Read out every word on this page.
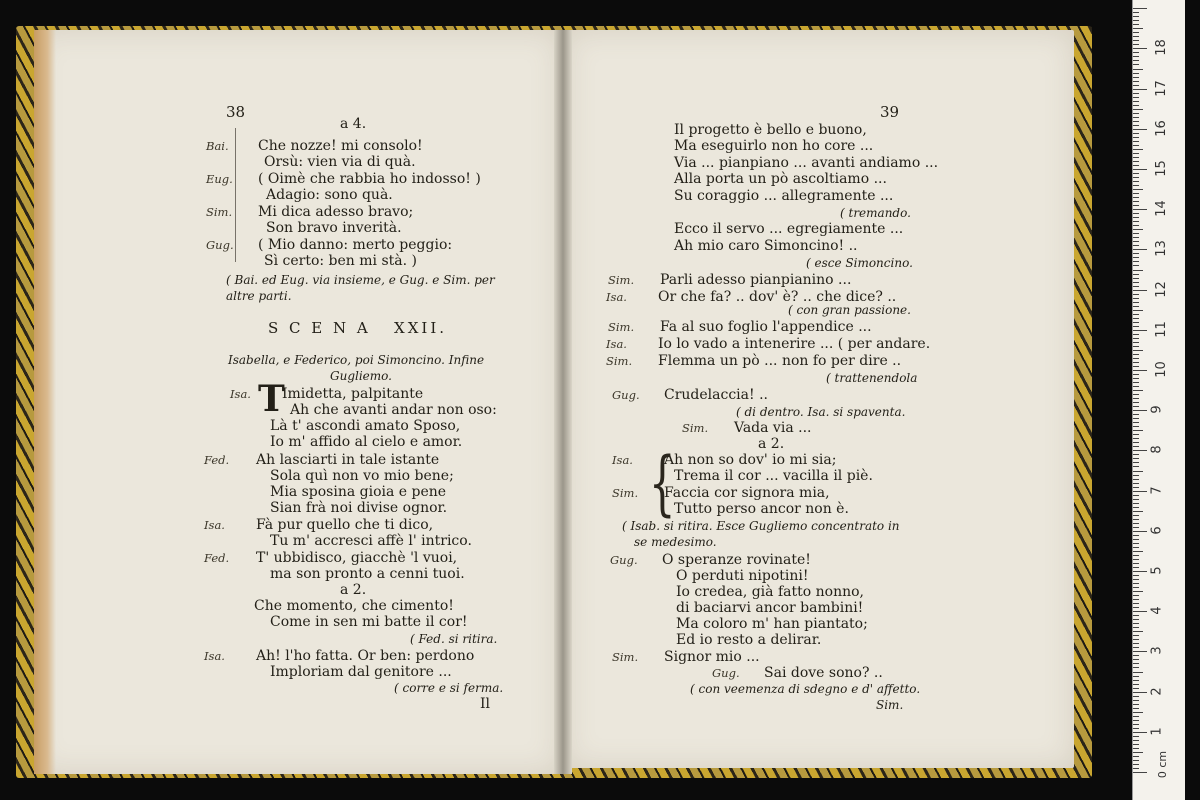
a 4.
Bai. Che nozze! mi consolo!
Orsù: vien via di quà.
Eug. ( Oimè che rabbia ho indosso! )
Adagio: sono quà.
Sim. Mi dica adesso bravo;
Son bravo inverità.
Gug. ( Mio danno: merto peggio:
Sì certo: ben mi stà. )
( Bai. ed Eug. via insieme, e Gug. e Sim. per
altre parti.
S C E N A   XXII.
Isabella, e Federico, poi Simoncino. Infine
Gugliemo.
Isa. Imidetta, palpitante
Ah che avanti andar non oso:
Là t' ascondi amato Sposo,
Io m' affido al cielo e amor.
Fed. Ah lasciarti in tale istante
Sola quì non vo mio bene;
Mia sposina gioia e pene
Sian frà noi divise ognor.
Isa. Fà pur quello che ti dico,
Tu m' accresci affè l' intrico.
Fed. T' ubbidisco, giacchè 'l vuoi,
ma son pronto a cenni tuoi.
a 2.
Che momento, che cimento!
Come in sen mi batte il cor!
( Fed. si ritira.
Isa. Ah! l'ho fatta. Or ben: perdono
Imploriam dal genitore ...
( corre e si ferma.
Il
Il progetto è bello e buono,
Ma eseguirlo non ho core ...
Via ... pianpiano ... avanti andiamo ...
Alla porta un pò ascoltiamo ...
Su coraggio ... allegramente ...
( tremando.
Ecco il servo ... egregiamente ...
Ah mio caro Simoncino! ..
( esce Simoncino.
Sim. Parli adesso pianpianino ...
Isa. Or che fa? .. dov' è? .. che dice? ..
( con gran passione.
Sim. Fa al suo foglio l'appendice ...
Isa. Io lo vado a intenerire ... ( per andare.
Sim. Flemma un pò ... non fo per dire ..
( trattenendola
Gug. Crudelaccia! ..
( di dentro. Isa. si spaventa.
Sim. Vada via ...
a 2.
Isa. Ah non so dov' io mi sia;
Trema il cor ... vacilla il piè.
Sim. Faccia cor signora mia,
Tutto perso ancor non è.
( Isab. si ritira. Esce Gugliemo concentrato in
se medesimo.
Gug. O speranze rovinate!
O perduti nipotini!
Io credea, già fatto nonno,
di baciarvi ancor bambini!
Ma coloro m' han piantato;
Ed io resto a delirar.
Sim. Signor mio ...
Gug. Sai dove sono? ..
( con veemenza di sdegno e d' affetto.
Sim.
38	39
T
{
0 cm
1
2
3
4
5
6
7
8
9
10
11
12
13
14
15
16
17
18
